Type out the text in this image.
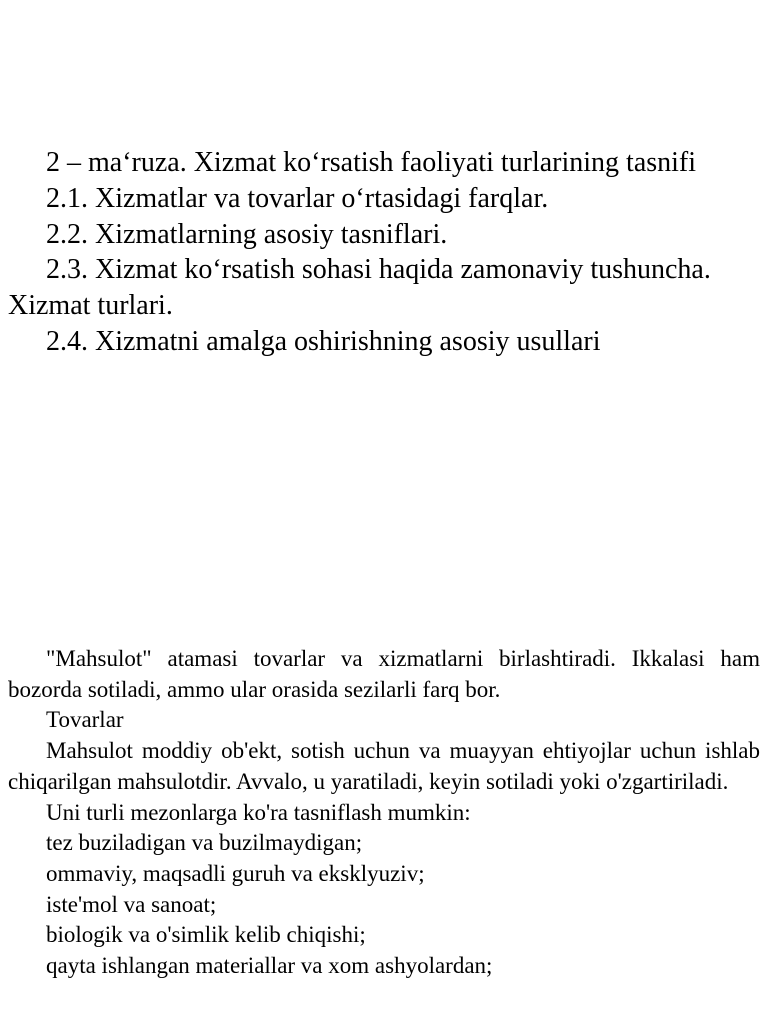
2 – ma‘ruza. Xizmat ko‘rsatish faoliyati turlarining tasnifi

2.1. Xizmatlar va tovarlar o‘rtasidagi farqlar.

2.2. Xizmatlarning asosiy tasniflari.

2.3. Xizmat ko‘rsatish sohasi haqida zamonaviy tushuncha. Xizmat turlari.

2.4. Xizmatni amalga oshirishning asosiy usullari

"Mahsulot" atamasi tovarlar va xizmatlarni birlashtiradi. Ikkalasi ham bozorda sotiladi, ammo ular orasida sezilarli farq bor.

Tovarlar

Mahsulot moddiy ob'ekt, sotish uchun va muayyan ehtiyojlar uchun ishlab chiqarilgan mahsulotdir. Avvalo, u yaratiladi, keyin sotiladi yoki o'zgartiriladi.

Uni turli mezonlarga ko'ra tasniflash mumkin:

tez buziladigan va buzilmaydigan;

ommaviy, maqsadli guruh va eksklyuziv;

iste'mol va sanoat;

biologik va o'simlik kelib chiqishi;

qayta ishlangan materiallar va xom ashyolardan;
